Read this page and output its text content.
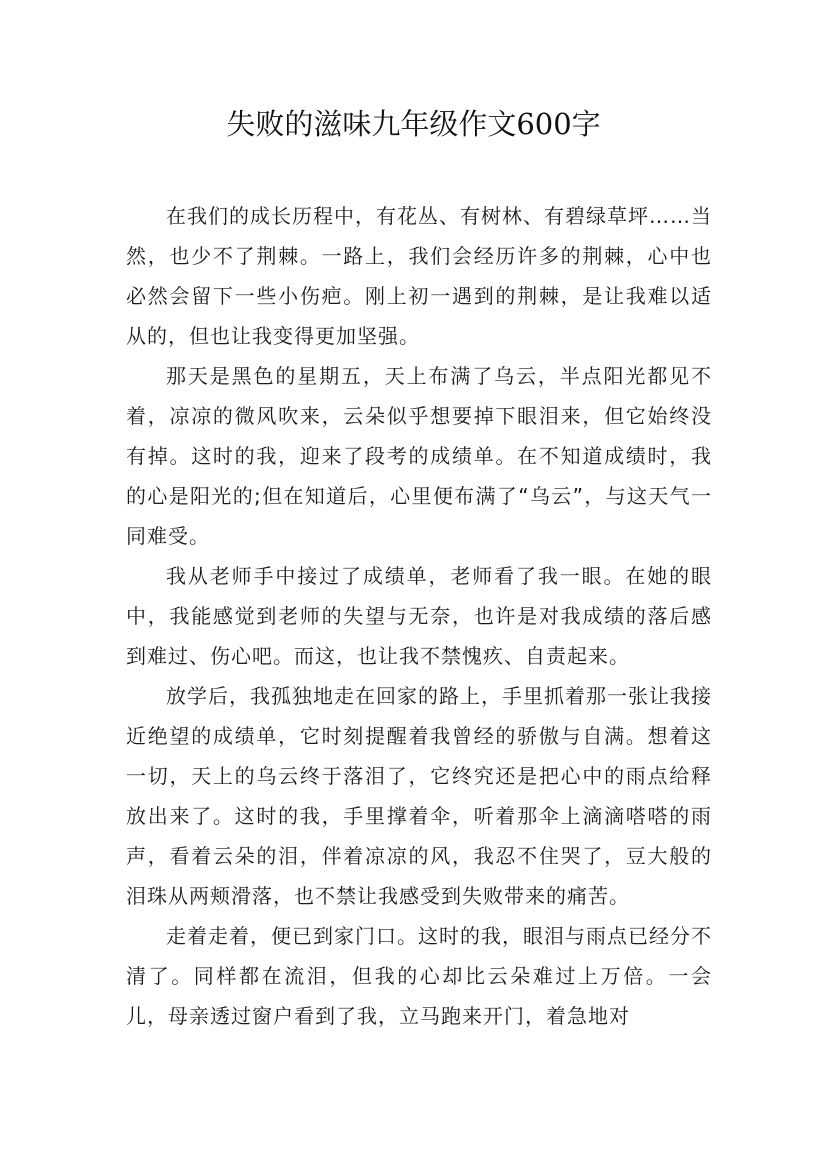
失败的滋味九年级作文600字

在我们的成长历程中，有花丛、有树林、有碧绿草坪……当然，也少不了荆棘。一路上，我们会经历许多的荆棘，心中也必然会留下一些小伤疤。刚上初一遇到的荆棘，是让我难以适从的，但也让我变得更加坚强。

那天是黑色的星期五，天上布满了乌云，半点阳光都见不着，凉凉的微风吹来，云朵似乎想要掉下眼泪来，但它始终没有掉。这时的我，迎来了段考的成绩单。在不知道成绩时，我的心是阳光的;但在知道后，心里便布满了“乌云”，与这天气一同难受。

我从老师手中接过了成绩单，老师看了我一眼。在她的眼中，我能感觉到老师的失望与无奈，也许是对我成绩的落后感到难过、伤心吧。而这，也让我不禁愧疚、自责起来。

放学后，我孤独地走在回家的路上，手里抓着那一张让我接近绝望的成绩单，它时刻提醒着我曾经的骄傲与自满。想着这一切，天上的乌云终于落泪了，它终究还是把心中的雨点给释放出来了。这时的我，手里撑着伞，听着那伞上滴滴嗒嗒的雨声，看着云朵的泪，伴着凉凉的风，我忍不住哭了，豆大般的泪珠从两颊滑落，也不禁让我感受到失败带来的痛苦。

走着走着，便已到家门口。这时的我，眼泪与雨点已经分不清了。同样都在流泪，但我的心却比云朵难过上万倍。一会儿，母亲透过窗户看到了我，立马跑来开门，着急地对
